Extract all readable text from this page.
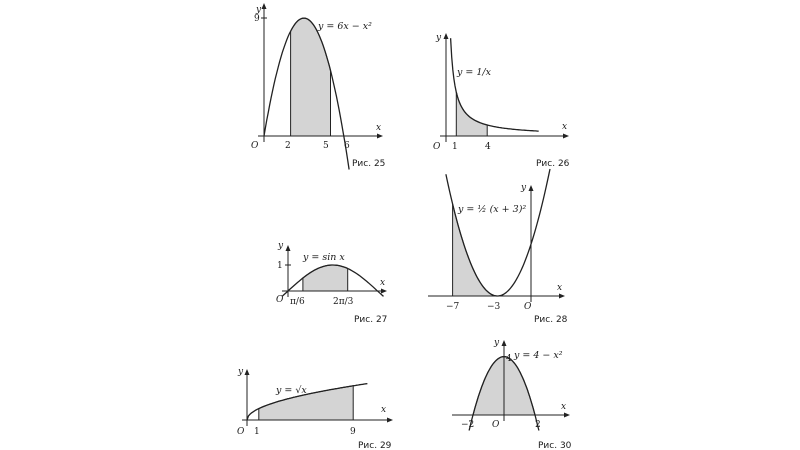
y
x
O	2	5 6
9
y = 6x − x²
Рис. 25
y
x
O 1	4
y = 1/x
Рис. 26
y
x
O π/6	2π/3
1
y = sin x
Рис. 27
y
x
O
−7	−3
y = ½ (x + 3)²
Рис. 28
y
x
O 1	9
y = √x
Рис. 29
y
x
O
−2	2
4 y = 4 − x²
Рис. 30
